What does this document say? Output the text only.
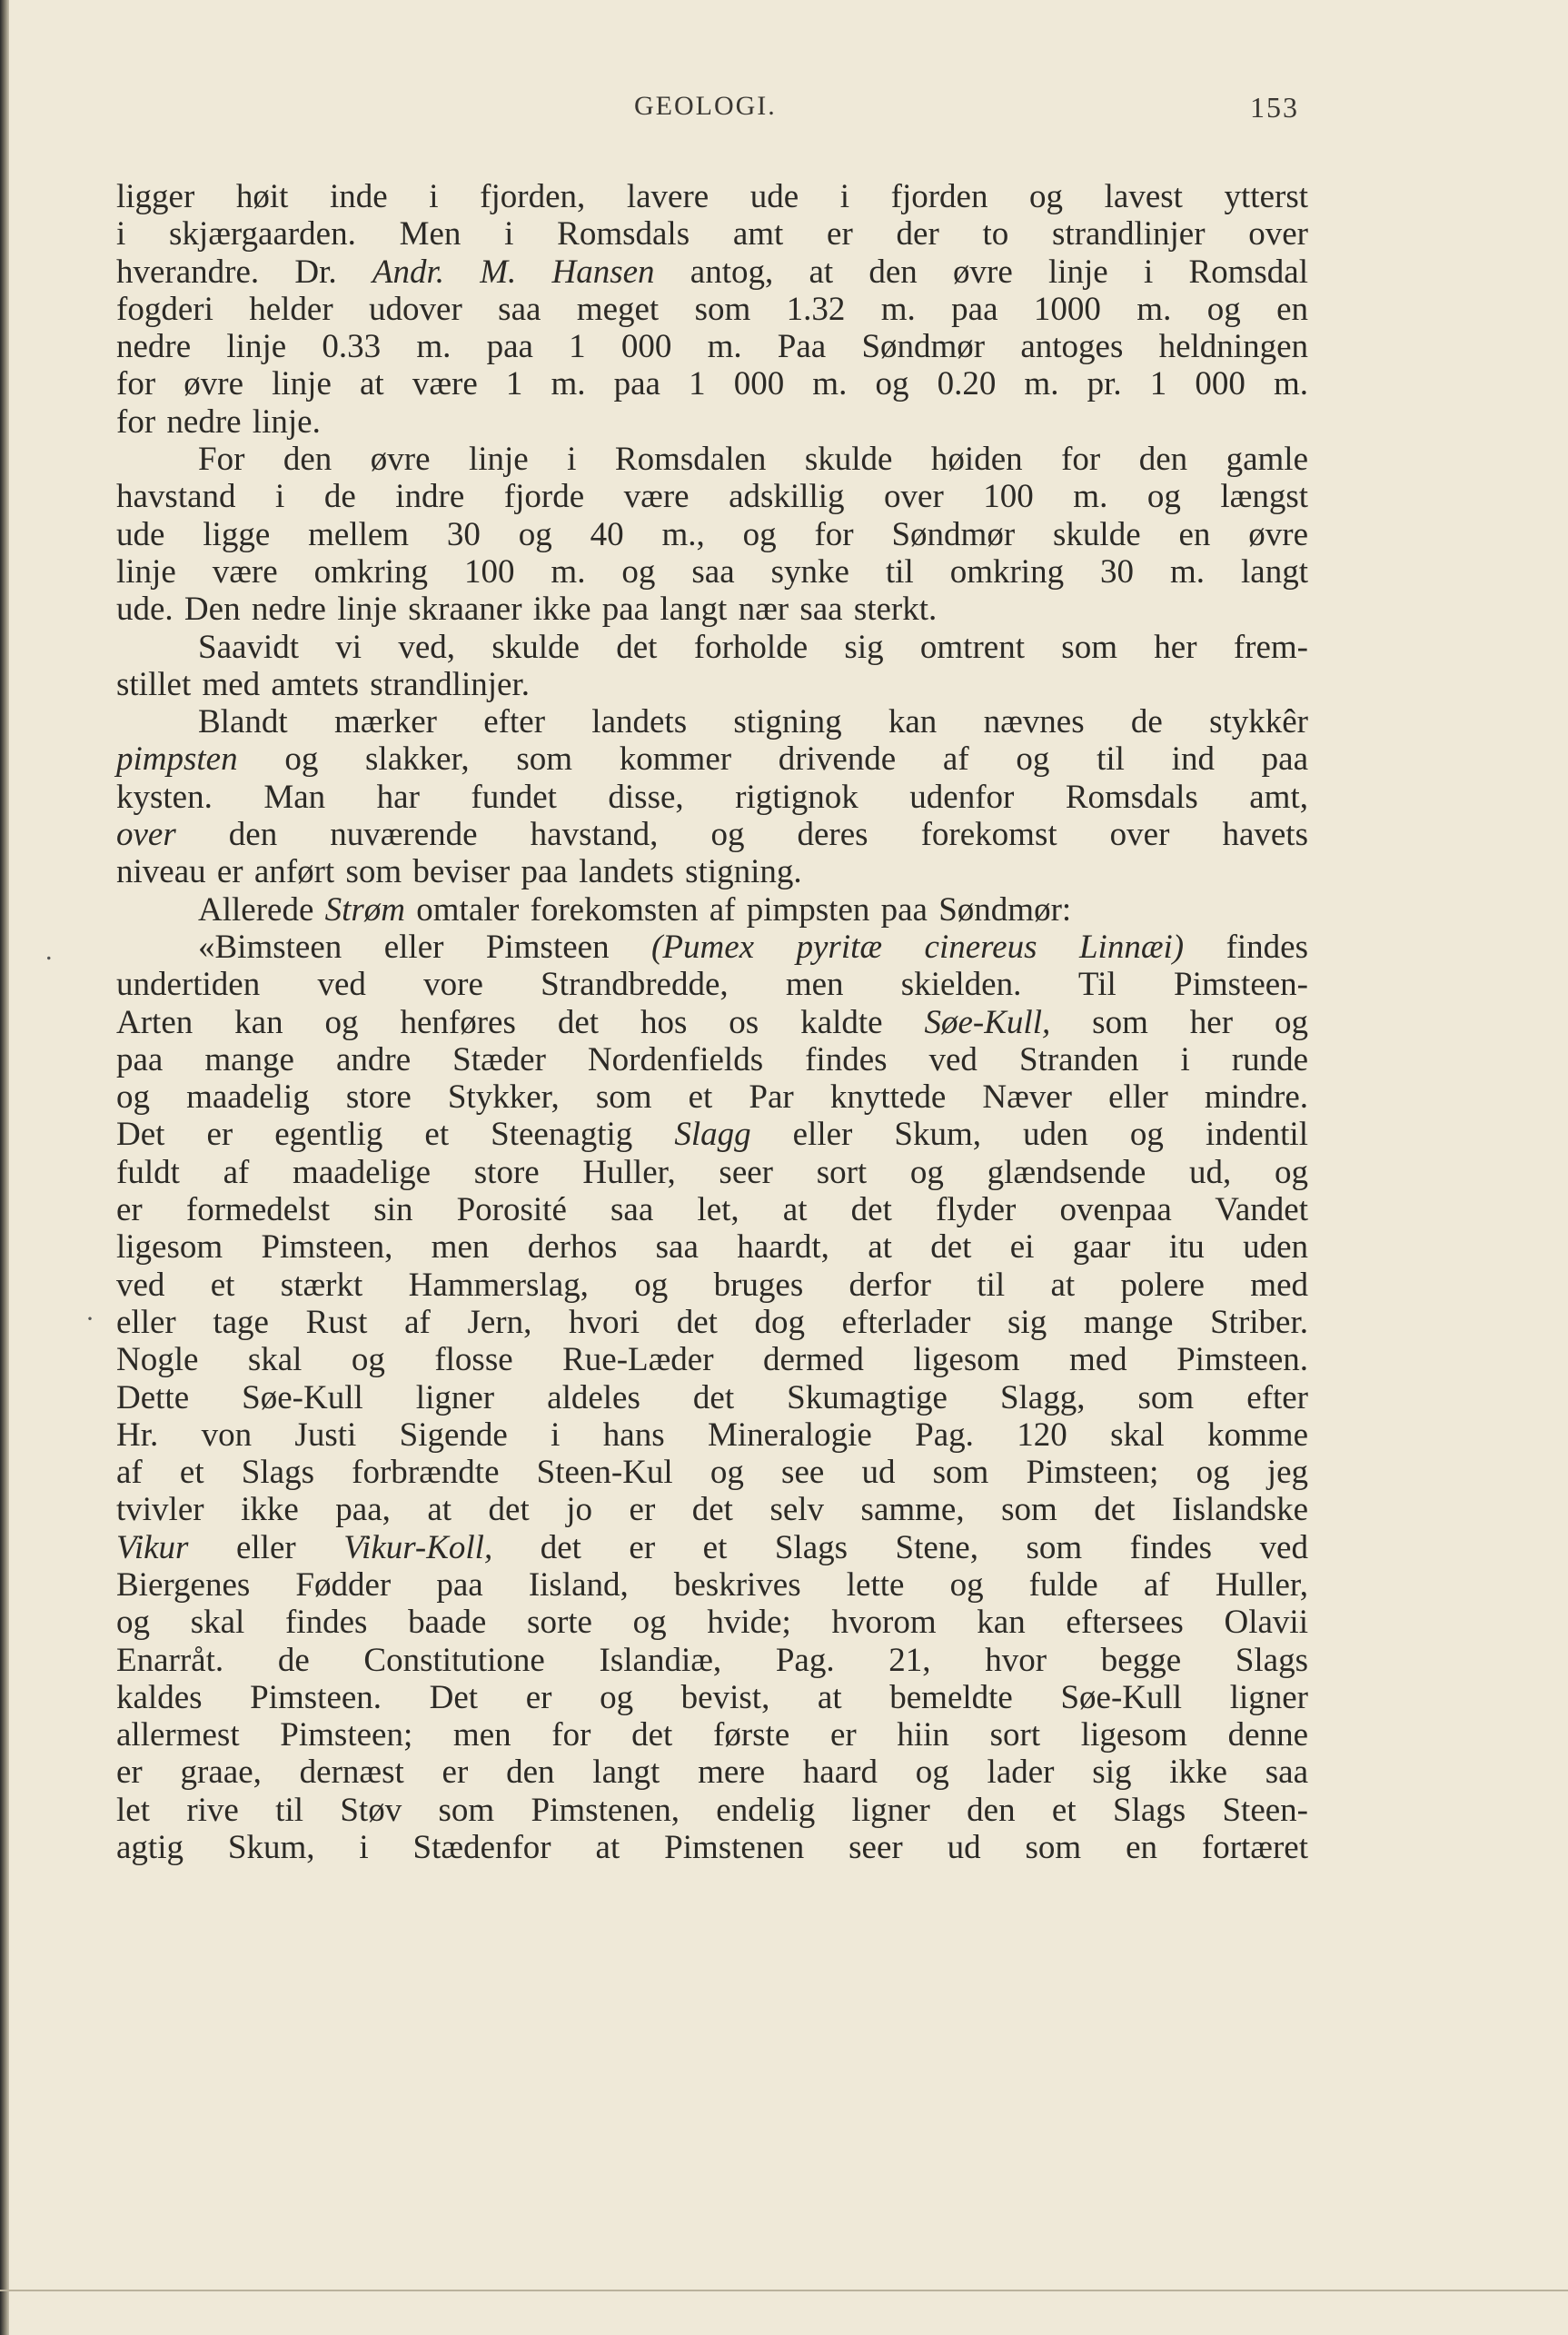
GEOLOGI.	153
ligger høit inde i fjorden, lavere ude i fjorden og lavest ytterst
i skjærgaarden. Men i Romsdals amt er der to strandlinjer over
hverandre. Dr. Andr. M. Hansen antog, at den øvre linje i Romsdal
fogderi helder udover saa meget som 1.32 m. paa 1000 m. og en
nedre linje 0.33 m. paa 1 000 m. Paa Søndmør antoges heldningen
for øvre linje at være 1 m. paa 1 000 m. og 0.20 m. pr. 1 000 m.
for nedre linje.
For den øvre linje i Romsdalen skulde høiden for den gamle
havstand i de indre fjorde være adskillig over 100 m. og længst
ude ligge mellem 30 og 40 m., og for Søndmør skulde en øvre
linje være omkring 100 m. og saa synke til omkring 30 m. langt
ude. Den nedre linje skraaner ikke paa langt nær saa sterkt.
Saavidt vi ved, skulde det forholde sig omtrent som her frem-
stillet med amtets strandlinjer.
Blandt mærker efter landets stigning kan nævnes de stykkêr
pimpsten og slakker, som kommer drivende af og til ind paa
kysten. Man har fundet disse, rigtignok udenfor Romsdals amt,
over den nuværende havstand, og deres forekomst over havets
niveau er anført som beviser paa landets stigning.
Allerede Strøm omtaler forekomsten af pimpsten paa Søndmør:
«Bimsteen eller Pimsteen (Pumex pyritæ cinereus Linnæi) findes
undertiden ved vore Strandbredde, men skielden. Til Pimsteen-
Arten kan og henføres det hos os kaldte Søe-Kull, som her og
paa mange andre Stæder Nordenfields findes ved Stranden i runde
og maadelig store Stykker, som et Par knyttede Næver eller mindre.
Det er egentlig et Steenagtig Slagg eller Skum, uden og indentil
fuldt af maadelige store Huller, seer sort og glændsende ud, og
er formedelst sin Porosité saa let, at det flyder ovenpaa Vandet
ligesom Pimsteen, men derhos saa haardt, at det ei gaar itu uden
ved et stærkt Hammerslag, og bruges derfor til at polere med
eller tage Rust af Jern, hvori det dog efterlader sig mange Striber.
Nogle skal og flosse Rue-Læder dermed ligesom med Pimsteen.
Dette Søe-Kull ligner aldeles det Skumagtige Slagg, som efter
Hr. von Justi Sigende i hans Mineralogie Pag. 120 skal komme
af et Slags forbrændte Steen-Kul og see ud som Pimsteen; og jeg
tvivler ikke paa, at det jo er det selv samme, som det Iislandske
Vikur eller Vikur-Koll, det er et Slags Stene, som findes ved
Biergenes Fødder paa Iisland, beskrives lette og fulde af Huller,
og skal findes baade sorte og hvide; hvorom kan eftersees Olavii
Enarråt. de Constitutione Islandiæ, Pag. 21, hvor begge Slags
kaldes Pimsteen. Det er og bevist, at bemeldte Søe-Kull ligner
allermest Pimsteen; men for det første er hiin sort ligesom denne
er graae, dernæst er den langt mere haard og lader sig ikke saa
let rive til Støv som Pimstenen, endelig ligner den et Slags Steen-
agtig Skum, i Stædenfor at Pimstenen seer ud som en fortæret
.
·
